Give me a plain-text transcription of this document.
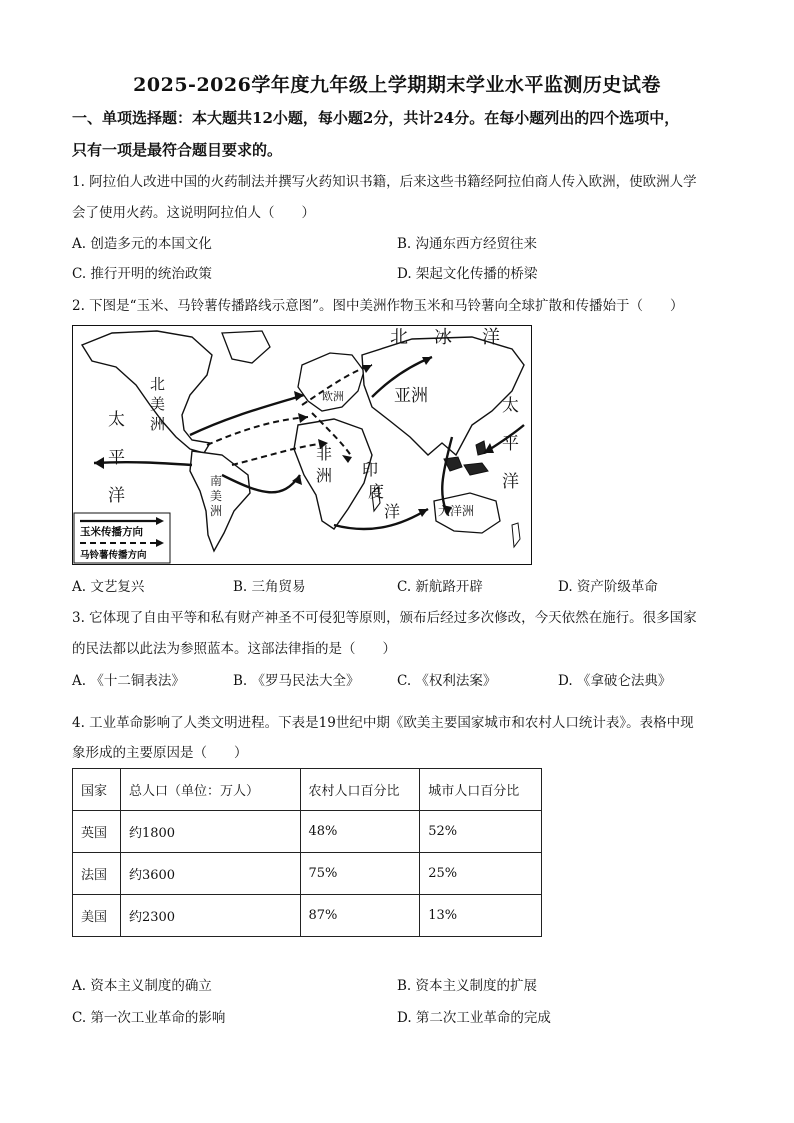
2025-2026学年度九年级上学期期末学业水平监测历史试卷
一、单项选择题：本大题共12小题，每小题2分，共计24分。在每小题列出的四个选项中，
只有一项是最符合题目要求的。
1. 阿拉伯人改进中国的火药制法并撰写火药知识书籍，后来这些书籍经阿拉伯商人传入欧洲，使欧洲人学
会了使用火药。这说明阿拉伯人（　　）
A. 创造多元的本国文化	B. 沟通东西方经贸往来
C. 推行开明的统治政策	D. 架起文化传播的桥梁
2. 下图是“玉米、马铃薯传播路线示意图”。图中美洲作物玉米和马铃薯向全球扩散和传播始于（　　）
北 冰 洋
北
美
洲
欧洲	亚洲
太
平
洋
太
平
洋
非
洲 印
度
洋
南
美
洲	大洋洲
玉米传播方向
马铃薯传播方向
A. 文艺复兴	B. 三角贸易	C. 新航路开辟	D. 资产阶级革命
3. 它体现了自由平等和私有财产神圣不可侵犯等原则，颁布后经过多次修改，今天依然在施行。很多国家
的民法都以此法为参照蓝本。这部法律指的是（　　）
A. 《十二铜表法》	B. 《罗马民法大全》	C. 《权利法案》	D. 《拿破仑法典》
4. 工业革命影响了人类文明进程。下表是19世纪中期《欧美主要国家城市和农村人口统计表》。表格中现
象形成的主要原因是（　　）
国家	总人口（单位：万人）	农村人口百分比	城市人口百分比
英国	约1800	48%	52%
法国	约3600	75%	25%
美国	约2300	87%	13%
A. 资本主义制度的确立	B. 资本主义制度的扩展
C. 第一次工业革命的影响	D. 第二次工业革命的完成
